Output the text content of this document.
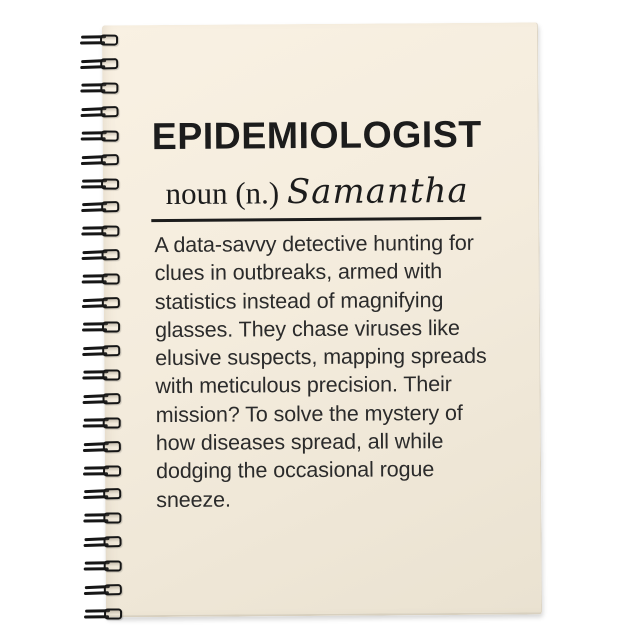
EPIDEMIOLOGIST
noun (n.) Samantha

A data-savvy detective hunting for
clues in outbreaks, armed with
statistics instead of magnifying
glasses. They chase viruses like
elusive suspects, mapping spreads
with meticulous precision. Their
mission? To solve the mystery of
how diseases spread, all while
dodging the occasional rogue
sneeze.
